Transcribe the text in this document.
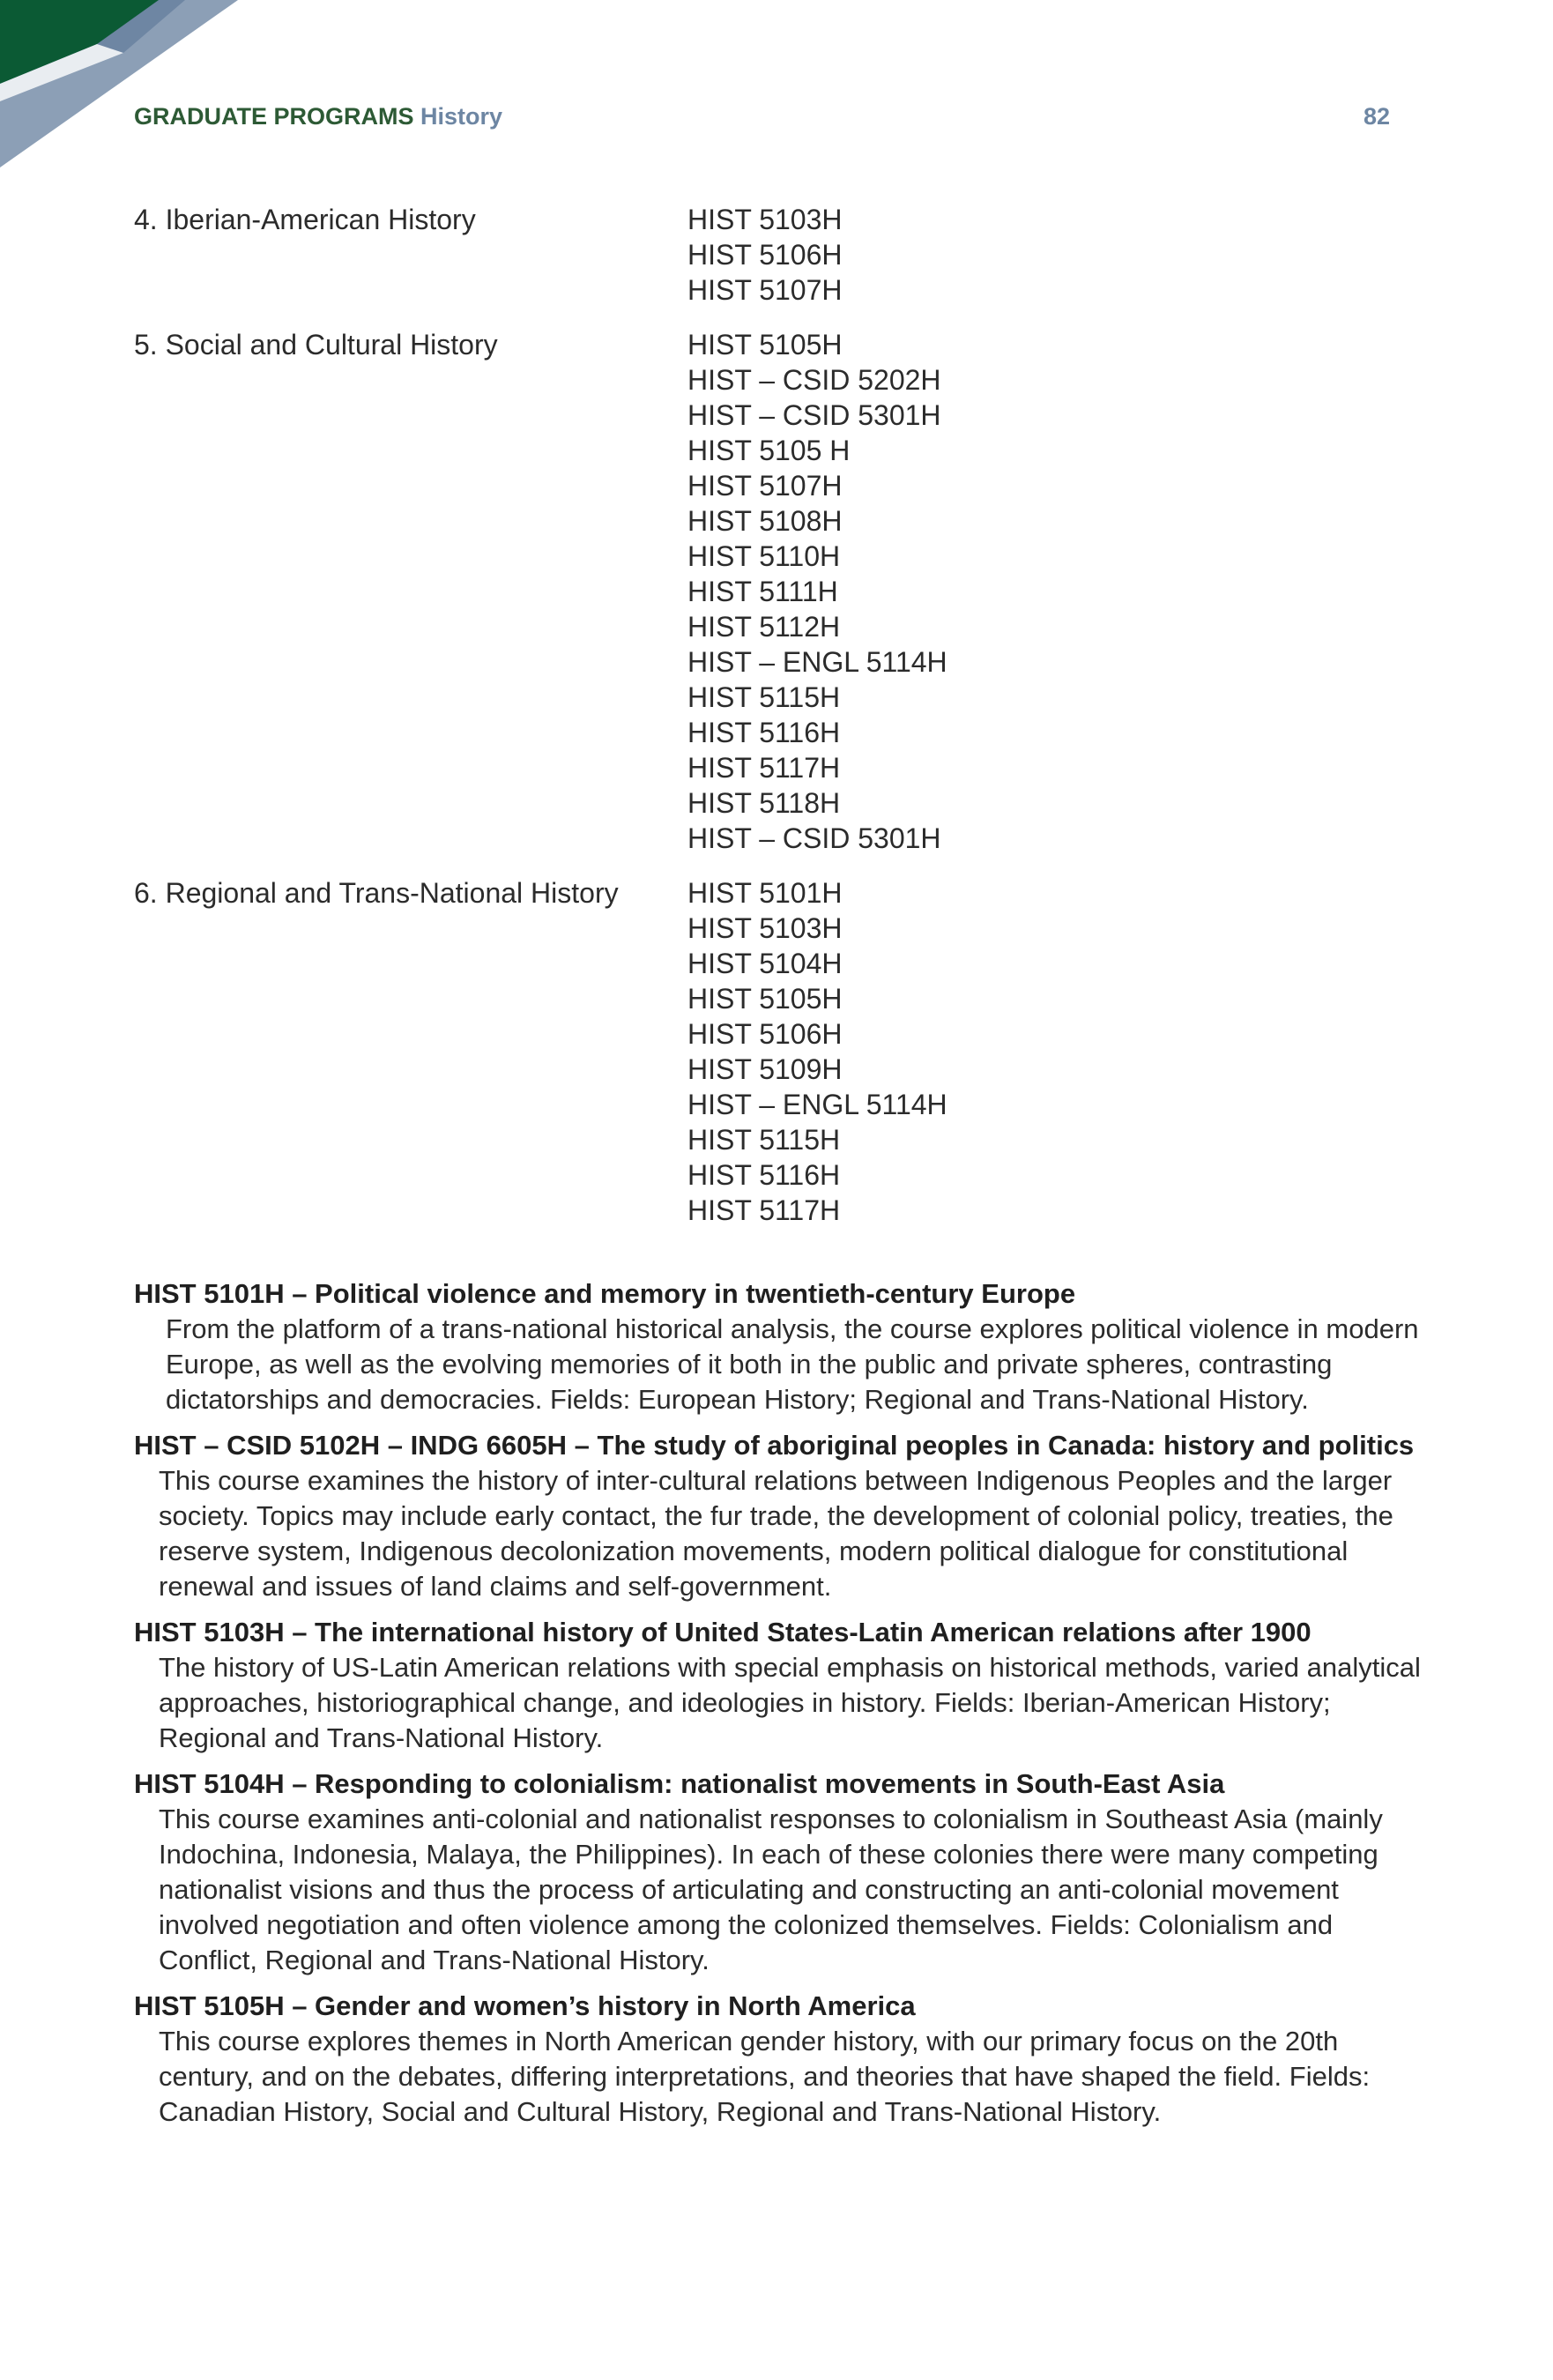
GRADUATE PROGRAMS History	82
4. Iberian-American History	HIST 5103H
HIST 5106H
HIST 5107H
5. Social and Cultural History	HIST 5105H
HIST – CSID 5202H
HIST – CSID 5301H
HIST 5105 H
HIST 5107H
HIST 5108H
HIST 5110H
HIST 5111H
HIST 5112H
HIST – ENGL 5114H
HIST 5115H
HIST 5116H
HIST 5117H
HIST 5118H
HIST – CSID 5301H
6. Regional and Trans-National History	HIST 5101H
HIST 5103H
HIST 5104H
HIST 5105H
HIST 5106H
HIST 5109H
HIST – ENGL 5114H
HIST 5115H
HIST 5116H
HIST 5117H
HIST 5101H – Political violence and memory in twentieth-century Europe
From the platform of a trans-national historical analysis, the course explores political violence in modern Europe, as well as the evolving memories of it both in the public and private spheres, contrasting dictatorships and democracies. Fields: European History; Regional and Trans-National History.
HIST – CSID 5102H – INDG 6605H – The study of aboriginal peoples in Canada: history and politics
This course examines the history of inter-cultural relations between Indigenous Peoples and the larger society. Topics may include early contact, the fur trade, the development of colonial policy, treaties, the reserve system, Indigenous decolonization movements, modern political dialogue for constitutional renewal and issues of land claims and self-government.
HIST 5103H – The international history of United States-Latin American relations after 1900
The history of US-Latin American relations with special emphasis on historical methods, varied analytical approaches, historiographical change, and ideologies in history. Fields: Iberian-American History; Regional and Trans-National History.
HIST 5104H – Responding to colonialism: nationalist movements in South-East Asia
This course examines anti-colonial and nationalist responses to colonialism in Southeast Asia (mainly Indochina, Indonesia, Malaya, the Philippines). In each of these colonies there were many competing nationalist visions and thus the process of articulating and constructing an anti-colonial movement involved negotiation and often violence among the colonized themselves. Fields: Colonialism and Conflict, Regional and Trans-National History.
HIST 5105H – Gender and women’s history in North America
This course explores themes in North American gender history, with our primary focus on the 20th century, and on the debates, differing interpretations, and theories that have shaped the field. Fields: Canadian History, Social and Cultural History, Regional and Trans-National History.
